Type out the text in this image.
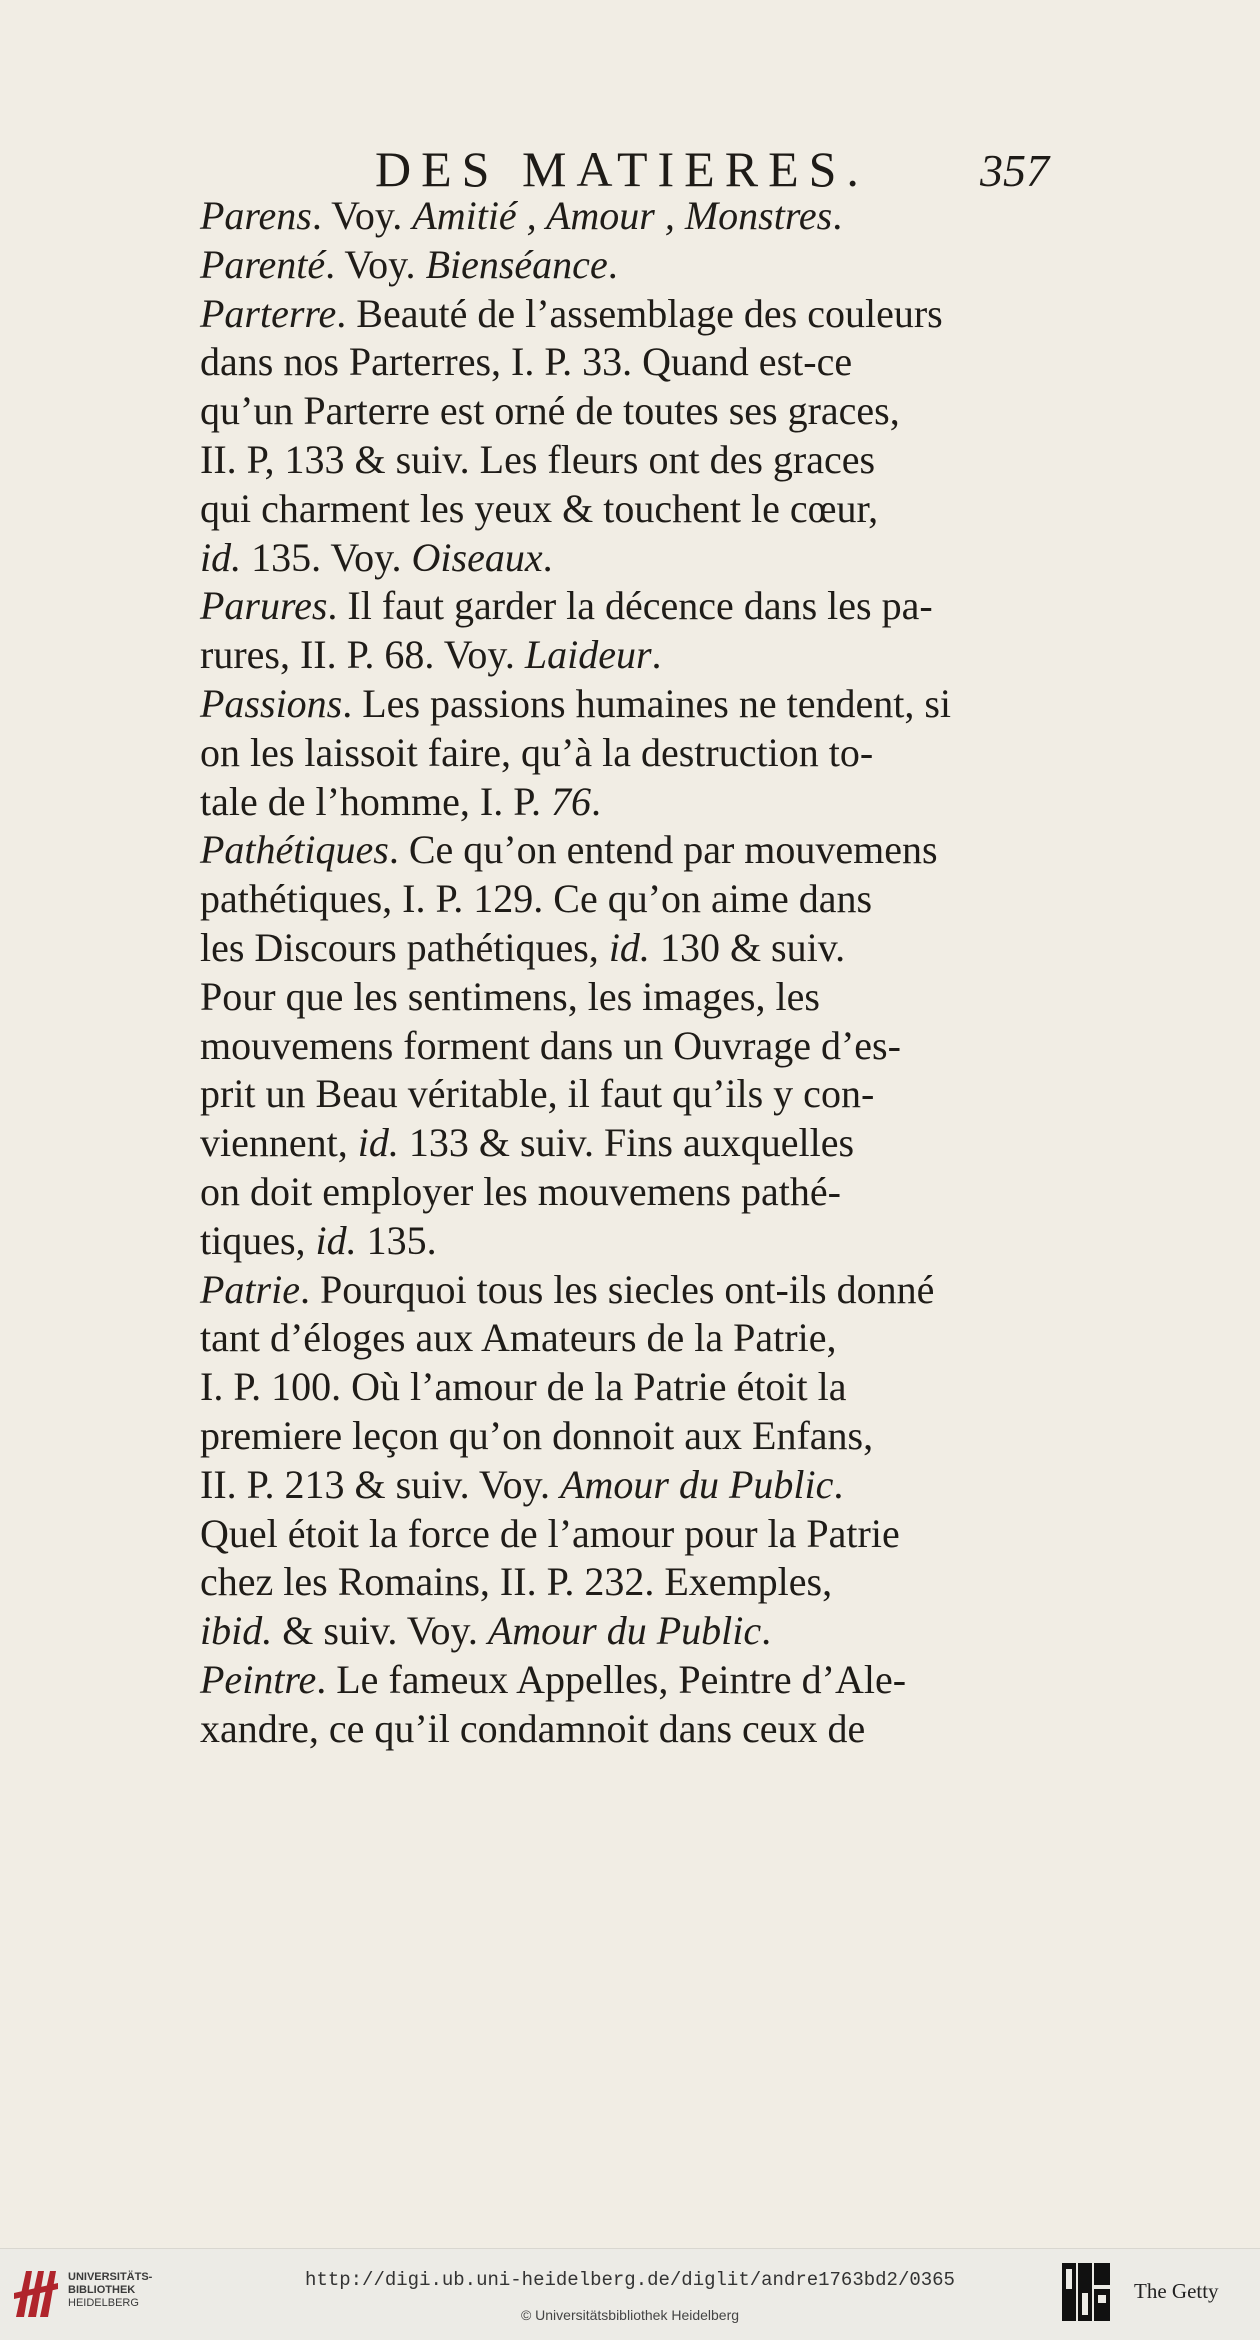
DES MATIERES.	357
Parens. Voy. Amitié , Amour , Monstres.
Parenté. Voy. Bienséance.
Parterre. Beauté de l’assemblage des couleurs
dans nos Parterres, I. P. 33. Quand est-ce
qu’un Parterre est orné de toutes ses graces,
II. P, 133 & suiv. Les fleurs ont des graces
qui charment les yeux & touchent le cœur,
id. 135. Voy. Oiseaux.
Parures. Il faut garder la décence dans les pa-
rures, II. P. 68. Voy. Laideur.
Passions. Les passions humaines ne tendent, si
on les laissoit faire, qu’à la destruction to-
tale de l’homme, I. P. 76.
Pathétiques. Ce qu’on entend par mouvemens
pathétiques, I. P. 129. Ce qu’on aime dans
les Discours pathétiques, id. 130 & suiv.
Pour que les sentimens, les images, les
mouvemens forment dans un Ouvrage d’es-
prit un Beau véritable, il faut qu’ils y con-
viennent, id. 133 & suiv. Fins auxquelles
on doit employer les mouvemens pathé-
tiques, id. 135.
Patrie. Pourquoi tous les siecles ont-ils donné
tant d’éloges aux Amateurs de la Patrie,
I. P. 100. Où l’amour de la Patrie étoit la
premiere leçon qu’on donnoit aux Enfans,
II. P. 213 & suiv. Voy. Amour du Public.
Quel étoit la force de l’amour pour la Patrie
chez les Romains, II. P. 232. Exemples,
ibid. & suiv. Voy. Amour du Public.
Peintre. Le fameux Appelles, Peintre d’Ale-
xandre, ce qu’il condamnoit dans ceux de
UNIVERSITÄTS-
BIBLIOTHEK
HEIDELBERG
http://digi.ub.uni-heidelberg.de/diglit/andre1763bd2/0365
© Universitätsbibliothek Heidelberg
The Getty
